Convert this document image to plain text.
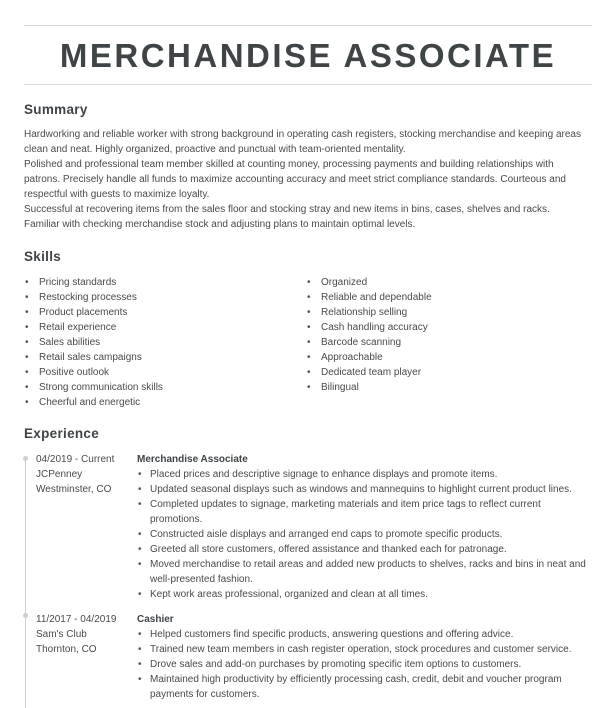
MERCHANDISE ASSOCIATE
Summary

Hardworking and reliable worker with strong background in operating cash registers, stocking merchandise and keeping areas clean and neat. Highly organized, proactive and punctual with team-oriented mentality.

Polished and professional team member skilled at counting money, processing payments and building relationships with patrons. Precisely handle all funds to maximize accounting accuracy and meet strict compliance standards. Courteous and respectful with guests to maximize loyalty.

Successful at recovering items from the sales floor and stocking stray and new items in bins, cases, shelves and racks. Familiar with checking merchandise stock and adjusting plans to maintain optimal levels.

Skills
• Pricing standards
• Restocking processes
• Product placements
• Retail experience
• Sales abilities
• Retail sales campaigns
• Positive outlook
• Strong communication skills
• Cheerful and energetic
• Organized
• Reliable and dependable
• Relationship selling
• Cash handling accuracy
• Barcode scanning
• Approachable
• Dedicated team player
• Bilingual
Experience
04/2019 - Current
JCPenney
Westminster, CO
Merchandise Associate
• Placed prices and descriptive signage to enhance displays and promote items.
• Updated seasonal displays such as windows and mannequins to highlight current product lines.
• Completed updates to signage, marketing materials and item price tags to reflect current promotions.
• Constructed aisle displays and arranged end caps to promote specific products.
• Greeted all store customers, offered assistance and thanked each for patronage.
• Moved merchandise to retail areas and added new products to shelves, racks and bins in neat and well-presented fashion.
• Kept work areas professional, organized and clean at all times.
11/2017 - 04/2019
Sam's Club
Thornton, CO
Cashier
• Helped customers find specific products, answering questions and offering advice.
• Trained new team members in cash register operation, stock procedures and customer service.
• Drove sales and add-on purchases by promoting specific item options to customers.
• Maintained high productivity by efficiently processing cash, credit, debit and voucher program payments for customers.
